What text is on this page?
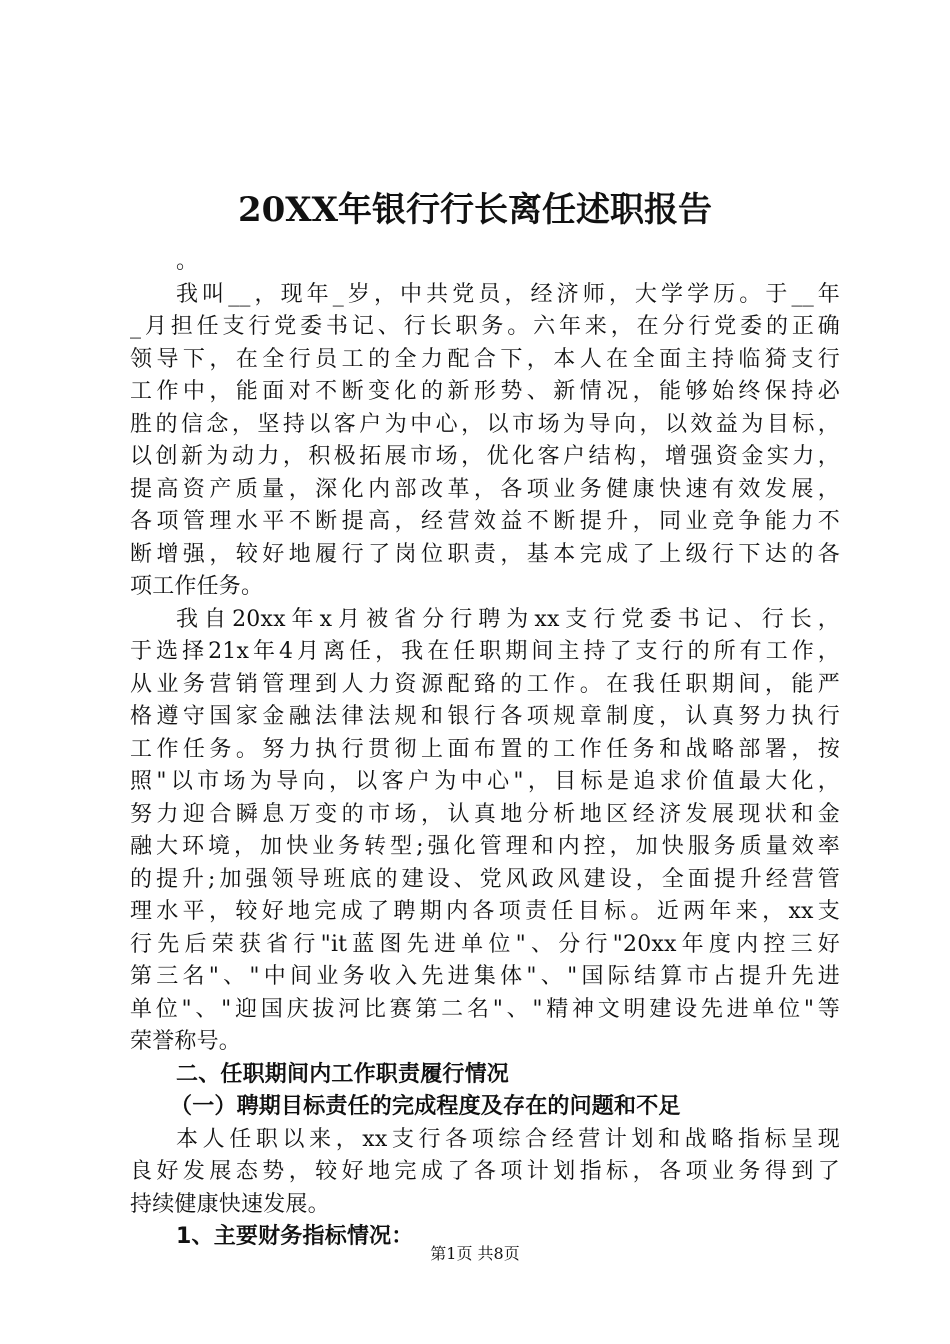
20XX年银行行长离任述职报告
。
我叫__，现年_岁，中共党员，经济师，大学学历。于__年
_月担任支行党委书记、行长职务。六年来，在分行党委的正确
领导下，在全行员工的全力配合下，本人在全面主持临猗支行
工作中，能面对不断变化的新形势、新情况，能够始终保持必
胜的信念，坚持以客户为中心，以市场为导向，以效益为目标，
以创新为动力，积极拓展市场，优化客户结构，增强资金实力，
提高资产质量，深化内部改革，各项业务健康快速有效发展，
各项管理水平不断提高，经营效益不断提升，同业竞争能力不
断增强，较好地履行了岗位职责，基本完成了上级行下达的各
项工作任务。
我自20xx年x月被省分行聘为xx支行党委书记、行长，
于选择21x年4月离任，我在任职期间主持了支行的所有工作，
从业务营销管理到人力资源配臵的工作。在我任职期间，能严
格遵守国家金融法律法规和银行各项规章制度，认真努力执行
工作任务。努力执行贯彻上面布置的工作任务和战略部署，按
照"以市场为导向，以客户为中心"，目标是追求价值最大化，
努力迎合瞬息万变的市场，认真地分析地区经济发展现状和金
融大环境，加快业务转型;强化管理和内控，加快服务质量效率
的提升;加强领导班底的建设、党风政风建设，全面提升经营管
理水平，较好地完成了聘期内各项责任目标。近两年来，xx支
行先后荣获省行"it蓝图先进单位"、分行"20xx年度内控三好
第三名"、"中间业务收入先进集体"、"国际结算市占提升先进
单位"、"迎国庆拔河比赛第二名"、"精神文明建设先进单位"等
荣誉称号。
二、任职期间内工作职责履行情况
（一）聘期目标责任的完成程度及存在的问题和不足
本人任职以来，xx支行各项综合经营计划和战略指标呈现
良好发展态势，较好地完成了各项计划指标，各项业务得到了
持续健康快速发展。
1、主要财务指标情况：
第1页 共8页
